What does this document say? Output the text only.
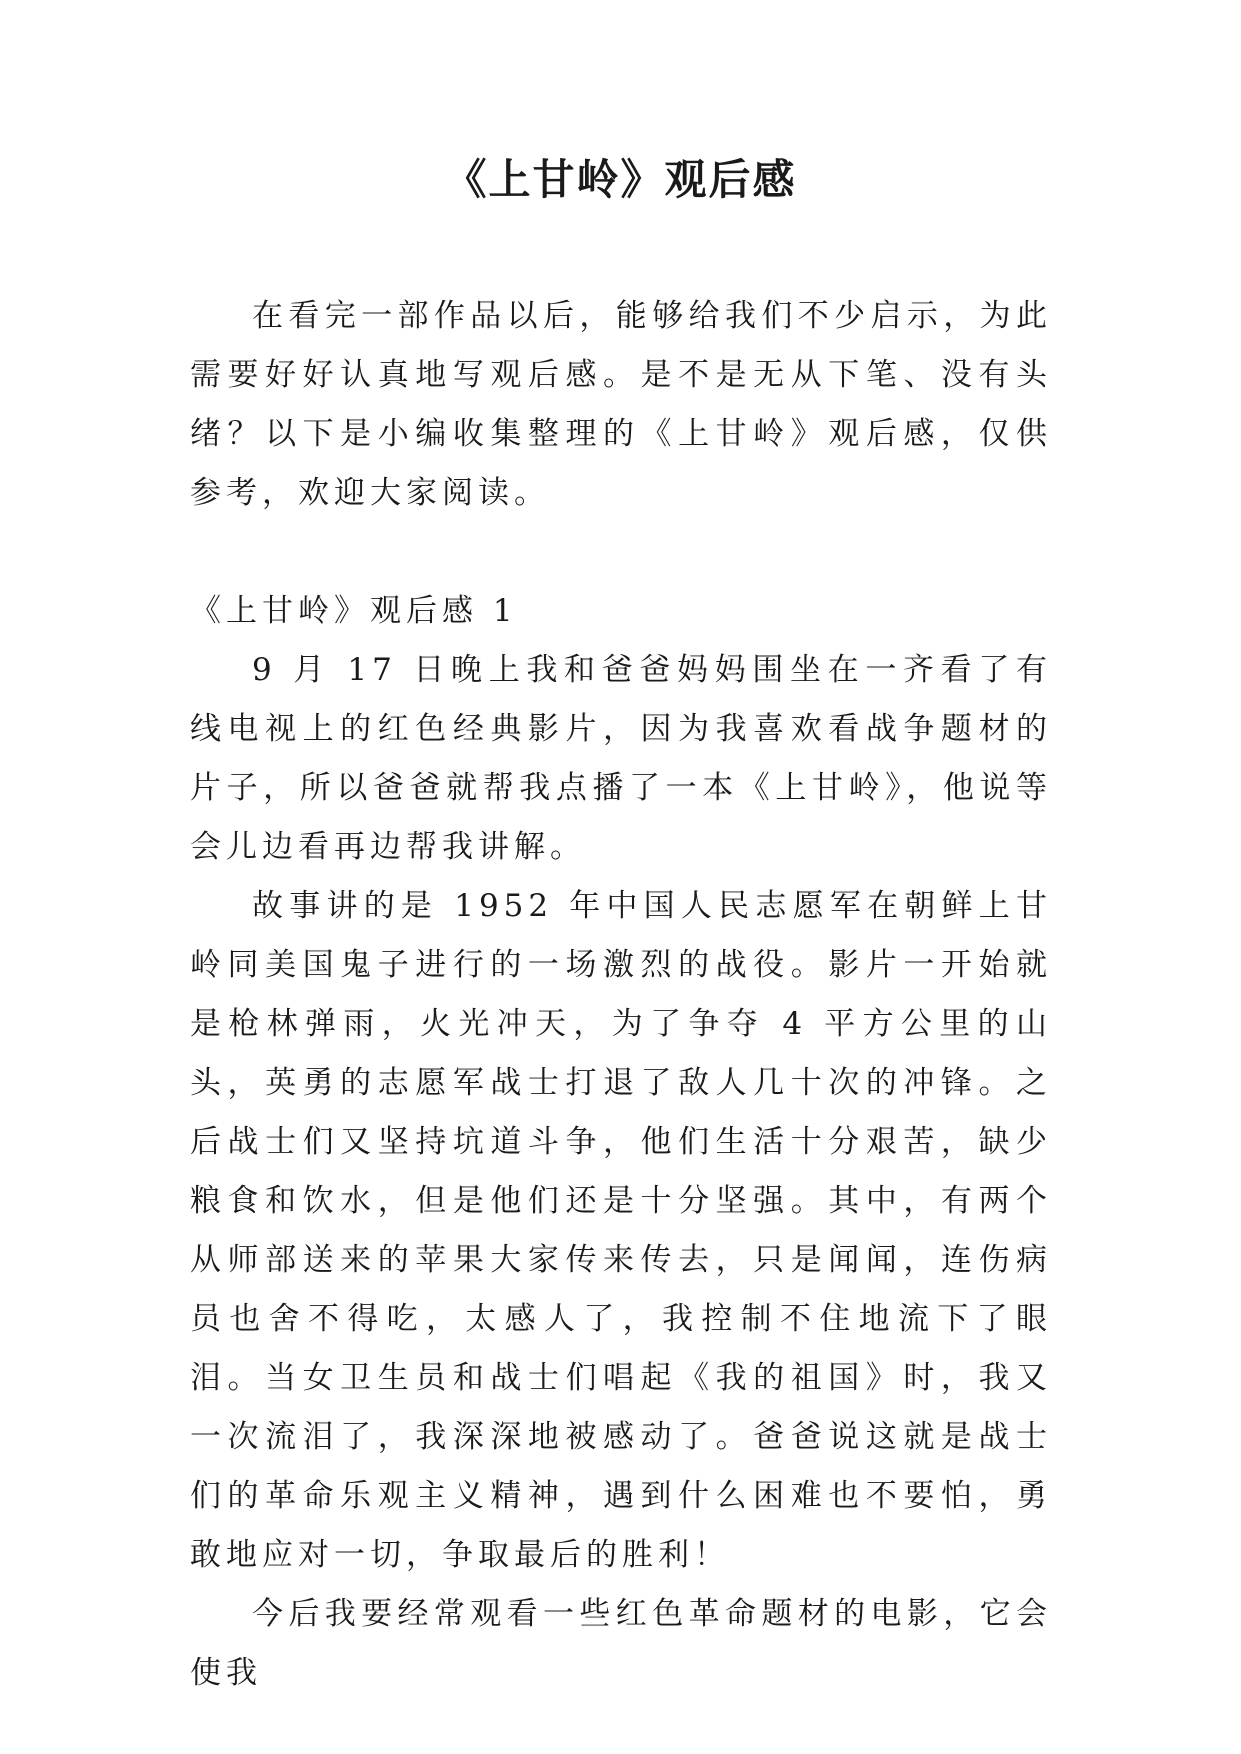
《上甘岭》观后感

在看完一部作品以后，能够给我们不少启示，为此需要好好认真地写观后感。是不是无从下笔、没有头绪？以下是小编收集整理的《上甘岭》观后感，仅供参考，欢迎大家阅读。

《上甘岭》观后感 1

9 月 17 日晚上我和爸爸妈妈围坐在一齐看了有线电视上的红色经典影片，因为我喜欢看战争题材的片子，所以爸爸就帮我点播了一本《上甘岭》，他说等会儿边看再边帮我讲解。

故事讲的是 1952 年中国人民志愿军在朝鲜上甘岭同美国鬼子进行的一场激烈的战役。影片一开始就是枪林弹雨，火光冲天，为了争夺 4 平方公里的山头，英勇的志愿军战士打退了敌人几十次的冲锋。之后战士们又坚持坑道斗争，他们生活十分艰苦，缺少粮食和饮水，但是他们还是十分坚强。其中，有两个从师部送来的苹果大家传来传去，只是闻闻，连伤病员也舍不得吃，太感人了，我控制不住地流下了眼泪。当女卫生员和战士们唱起《我的祖国》时，我又一次流泪了，我深深地被感动了。爸爸说这就是战士们的革命乐观主义精神，遇到什么困难也不要怕，勇敢地应对一切，争取最后的胜利！

今后我要经常观看一些红色革命题材的电影，它会使我
